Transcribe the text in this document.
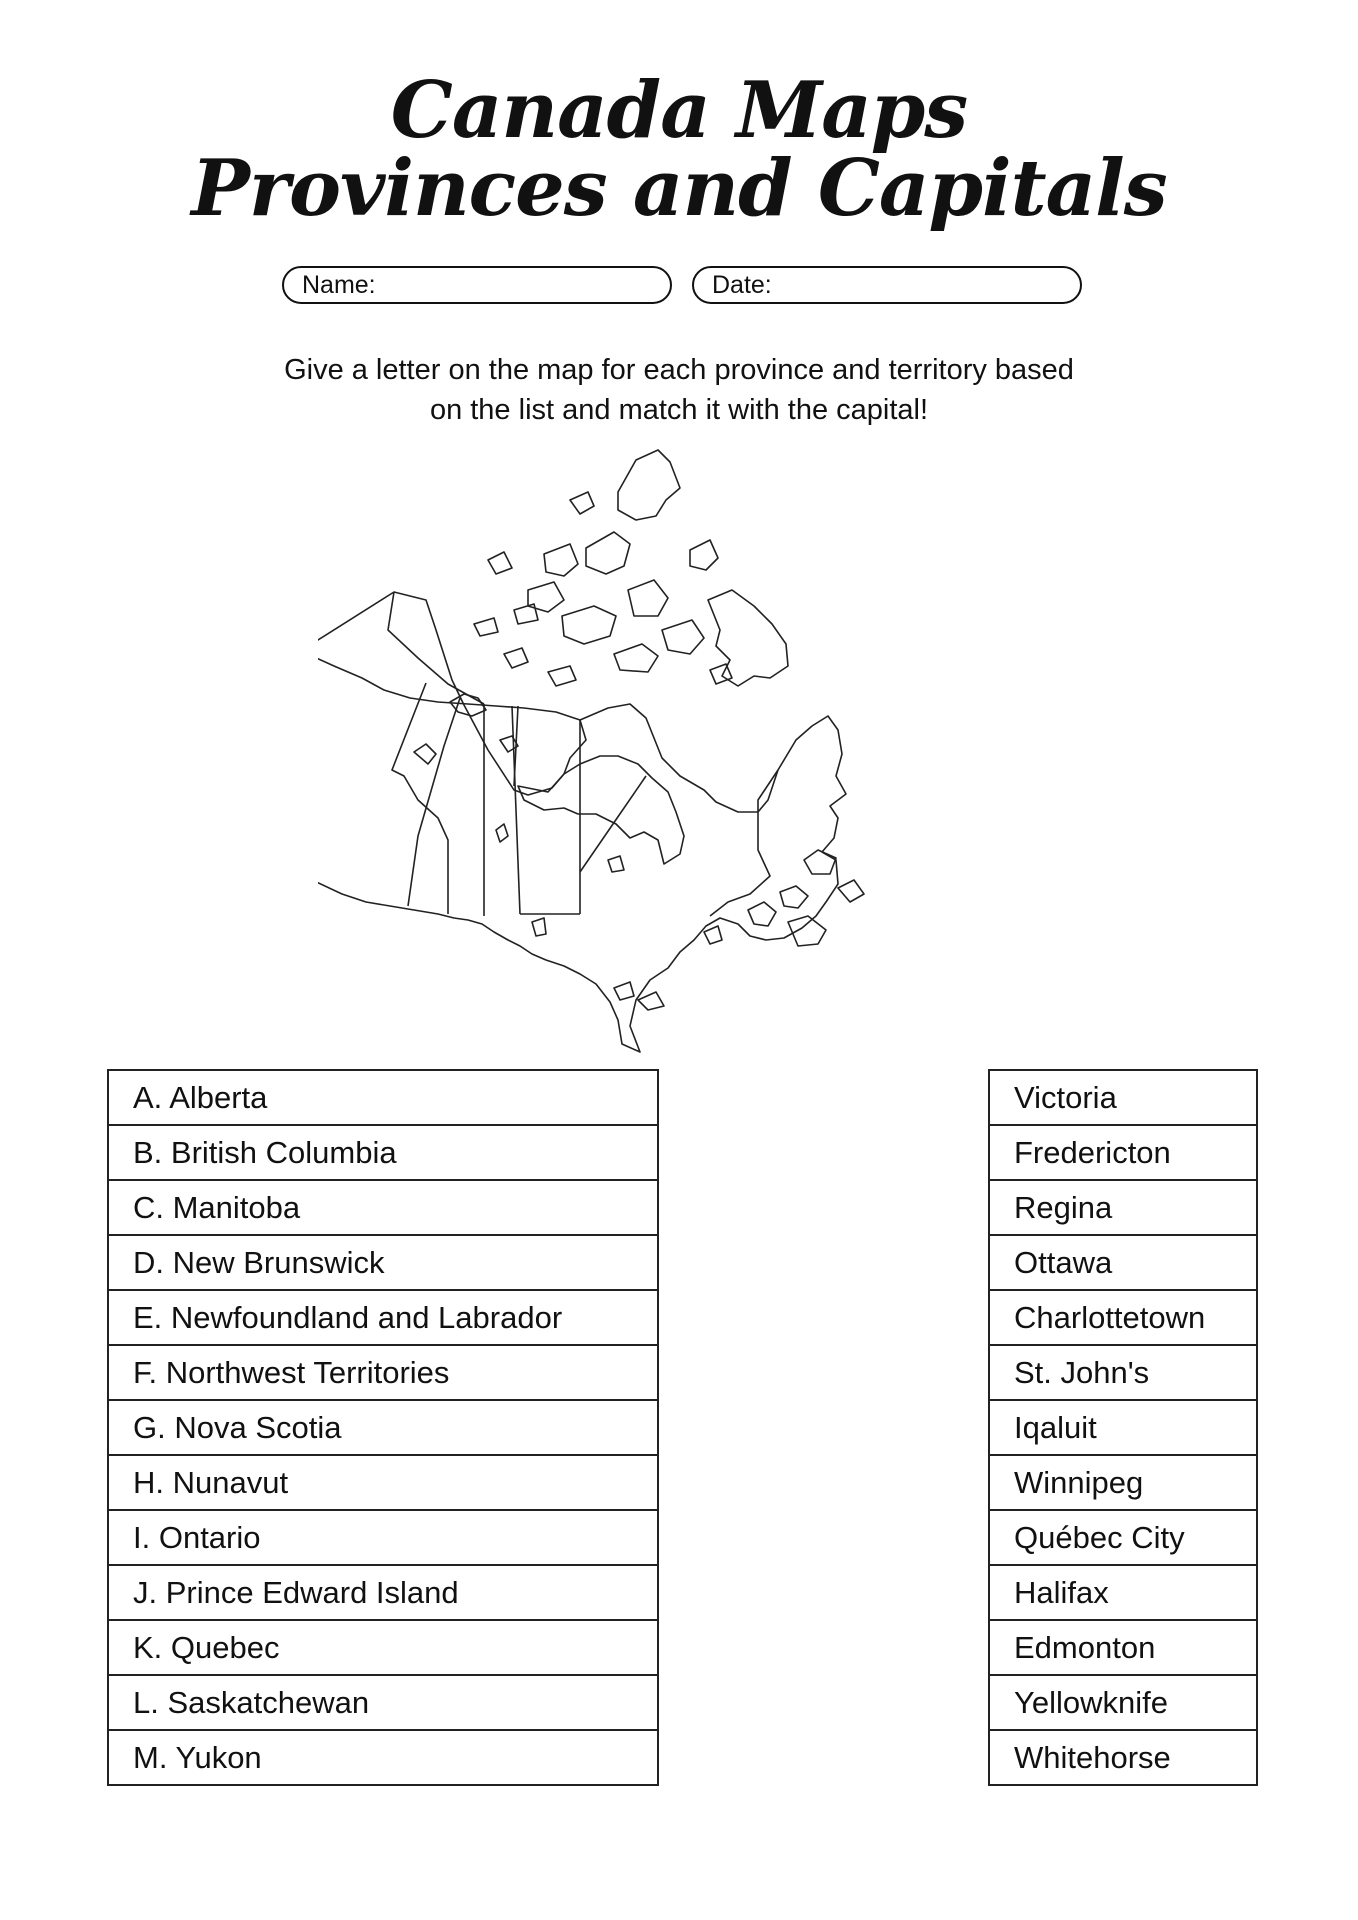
Canada Maps
Provinces and Capitals
Name:	Date:
Give a letter on the map for each province and territory based
on the list and match it with the capital!
A. Alberta
B. British Columbia
C. Manitoba
D. New Brunswick
E. Newfoundland and Labrador
F. Northwest Territories
G. Nova Scotia
H. Nunavut
I. Ontario
J. Prince Edward Island
K. Quebec
L. Saskatchewan
M. Yukon
Victoria
Fredericton
Regina
Ottawa
Charlottetown
St. John's
Iqaluit
Winnipeg
Québec City
Halifax
Edmonton
Yellowknife
Whitehorse
